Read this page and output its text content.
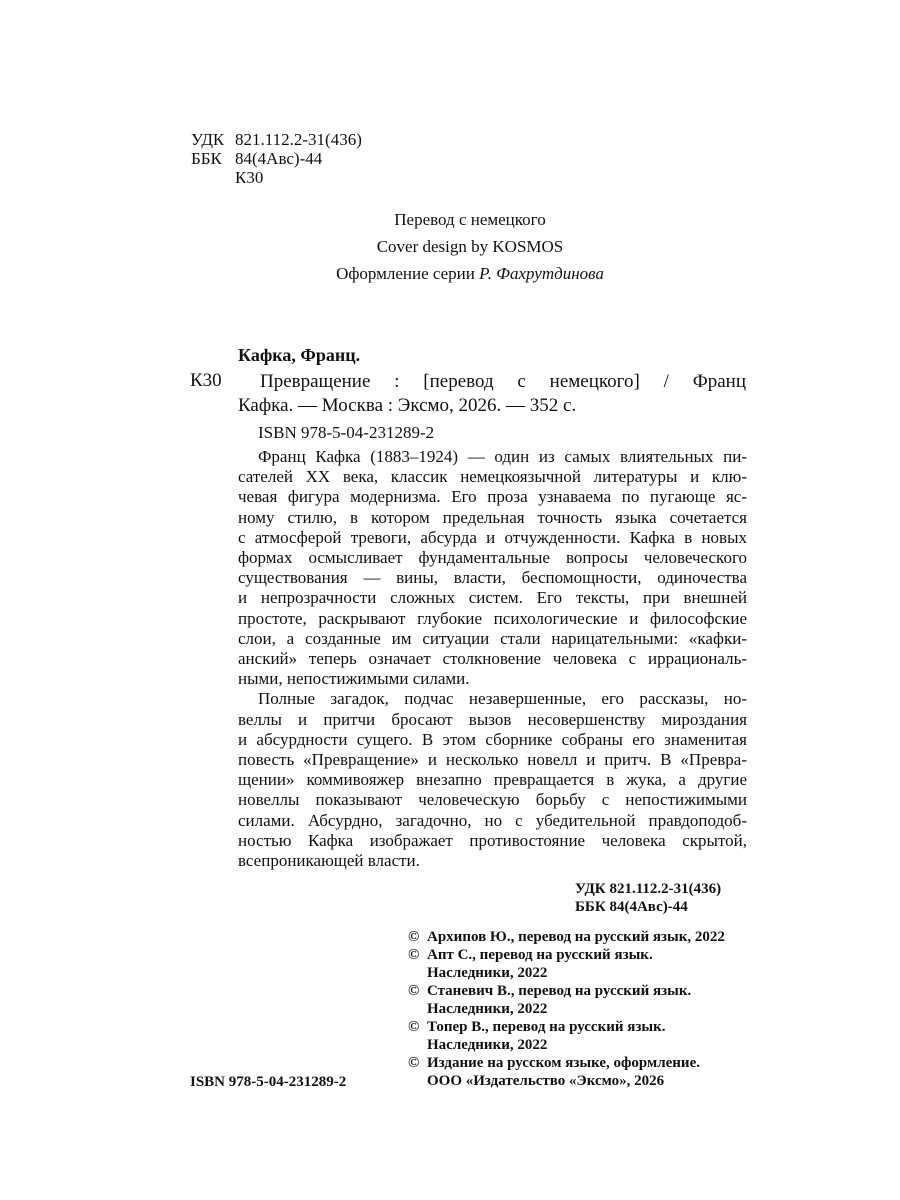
УДК	821.112.2-31(436)
ББК	84(4Авс)-44
	К30
Перевод с немецкого
Cover design by KOSMOS
Оформление серии Р. Фахрутдинова
Кафка, Франц.
К30	Превращение : [перевод с немецкого] / Франц
Кафка. — Москва : Эксмо, 2026. — 352 с.
ISBN 978-5-04-231289-2
Франц Кафка (1883–1924) — один из самых влиятельных пи-
сателей XX века, классик немецкоязычной литературы и клю-
чевая фигура модернизма. Его проза узнаваема по пугающе яс-
ному стилю, в котором предельная точность языка сочетается
с атмосферой тревоги, абсурда и отчужденности. Кафка в новых
формах осмысливает фундаментальные вопросы человеческого
существования — вины, власти, беспомощности, одиночества
и непрозрачности сложных систем. Его тексты, при внешней
простоте, раскрывают глубокие психологические и философские
слои, а созданные им ситуации стали нарицательными: «кафки-
анский» теперь означает столкновение человека с иррациональ-
ными, непостижимыми силами.
Полные загадок, подчас незавершенные, его рассказы, но-
веллы и притчи бросают вызов несовершенству мироздания
и абсурдности сущего. В этом сборнике собраны его знаменитая
повесть «Превращение» и несколько новелл и притч. В «Превра-
щении» коммивояжер внезапно превращается в жука, а другие
новеллы показывают человеческую борьбу с непостижимыми
силами. Абсурдно, загадочно, но с убедительной правдоподоб-
ностью Кафка изображает противостояние человека скрытой,
всепроникающей власти.
УДК 821.112.2-31(436)
ББК 84(4Авс)-44
© Архипов Ю., перевод на русский язык, 2022
© Апт С., перевод на русский язык.
Наследники, 2022
© Станевич В., перевод на русский язык.
Наследники, 2022
© Топер В., перевод на русский язык.
Наследники, 2022
© Издание на русском языке, оформление.
ООО «Издательство «Эксмо», 2026
ISBN 978-5-04-231289-2
